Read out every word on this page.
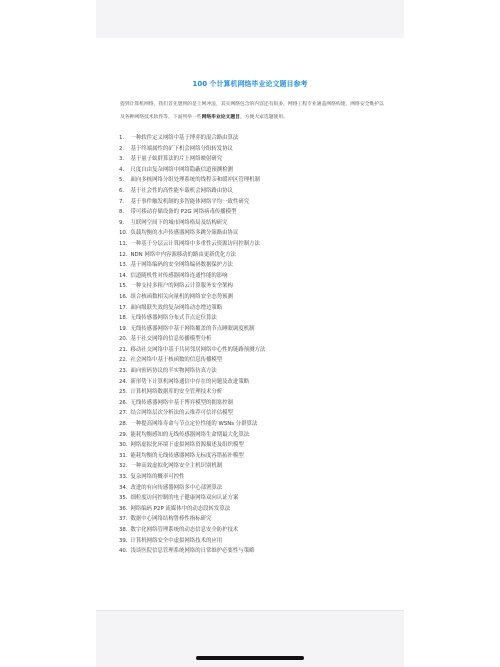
100 个计算机网络毕业论文题目参考
提到计算机网络，我们首先想到的是上网冲浪，其实网络包含的内容还有很多，网络工程专业涵盖网络构建、网络安全维护以
及各种网络技术软件等。下面列举一些网络毕业论文题目，方便大家选题使用。
1.	一种软件定义网络中基于博弈的混合路由算法
2.	基于终端属性的矿下机会网络分组转发协议
3.	基于量子蚁群算法的片上网络映射研究
4.	尺度自由复杂网络中网络隐蔽信道预测检测
5.	面向多核网络分组处理系统的线程亲和缓冲区管理机制
6.	基于社会性的高性能车载机会网络路由协议
7.	基于事件触发机制的多智能体网络平均一致性研究
8.	带可移动存储设备的 P2G 网络病毒传播模型
9.	互联网空间下的城市网络格局及结构研究
10. 负载均衡的水声传感器网络多跳分簇路由协议
11. 一种基于分层云计算网络中多重性云资源访问控制方法
12. NDN 网络中内容源移动的路由更新优化方法
13. 基于网络编码的安全网络编码数据保护方法
14. 信道随机性对传感器网络连通性能的影响
15. 一种支持多租户的网络云计算服务安全架构
16. 组合核函数相关向量机的网络安全态势预测
17. 面向级联失效的复杂网络动态增边策略
18. 无线传感器网络分布式节点定位算法
19. 无线传感器网络中基于网络覆盖的节点睡眠调度机制
20. 基于社交网络的信息传播模型分析
21. 移动社交网络中基于共同邻居网络中心性的链路预测方法
22. 社会网络中基于核函数的信息传播模型
23. 面向密码协议的半实物网络仿真方法
24. 新形势下计算机网络通信中存在的问题及改进策略
25. 计算机网络数据库的安全管理技术分析
26. 无线传感器网络中基于博弈模型的拥塞控制
27. 结合网络层次分析法的云推荐可信评估模型
28. 一种提高网络寿命与节点定位性能的 WSNs 分群算法
29. 能耗均衡感知的无线传感器网络生命期最大化算法
30. 网络虚拟化环境下虚拟网络资源描述及组织模型
31. 能耗均衡的无线传感器网络无标度容错拓扑模型
32. 一种高效虚拟化网络安全主机识别机制
33. 复杂网络的概率可控性
34. 改进的有向传感器网络多中心部署算法
35. 细粒度访问控制的电子健康网络双向认证方案
36. 网络编码 P2P 流媒体中的动态段转发算法
37. 数据中心网络结构鲁棒性指标研究
38. 数字化网络管理系统的动态信息安全防护技术
39. 计算机网络安全中虚拟网络技术的应用
40. 浅谈医院信息管理系统网络的日常维护必要性与策略
